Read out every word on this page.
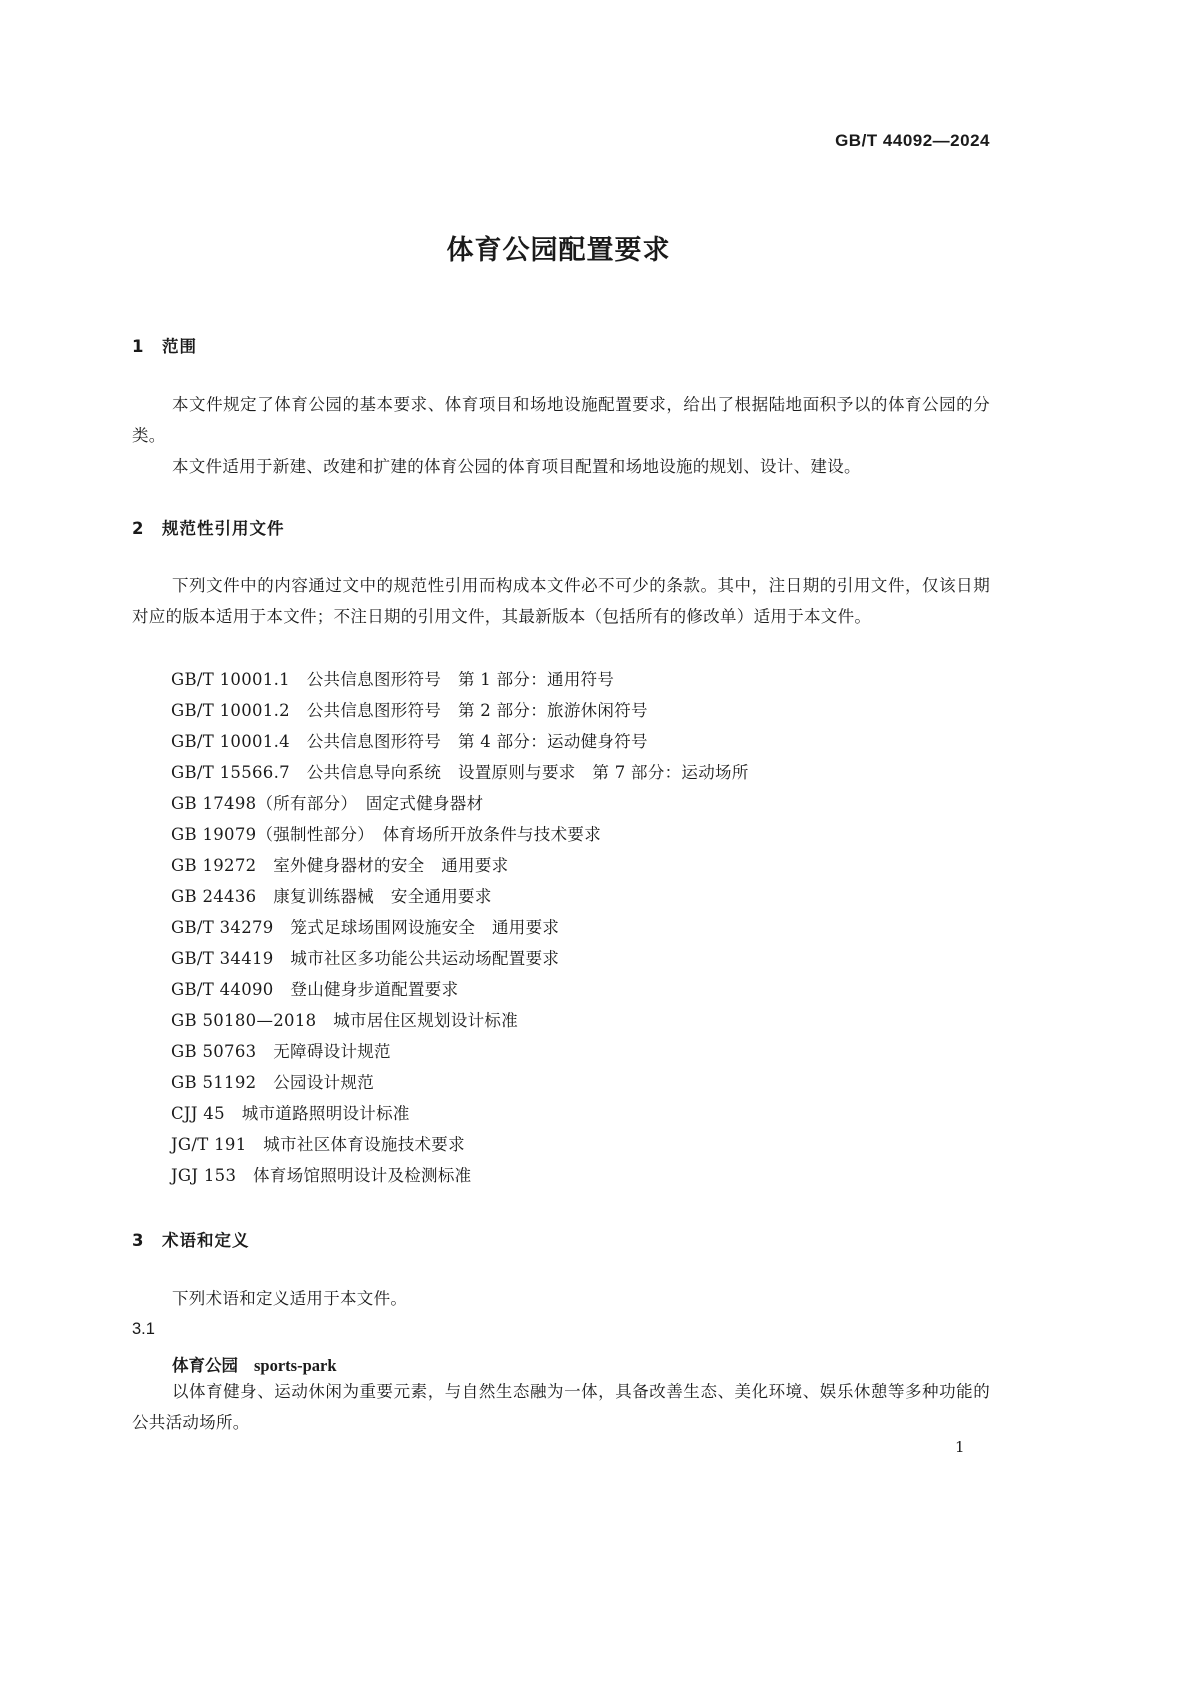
GB/T 44092—2024
体育公园配置要求
1 范围
本文件规定了体育公园的基本要求、体育项目和场地设施配置要求，给出了根据陆地面积予以的体育公园的分类。
本文件适用于新建、改建和扩建的体育公园的体育项目配置和场地设施的规划、设计、建设。
2 规范性引用文件
下列文件中的内容通过文中的规范性引用而构成本文件必不可少的条款。其中，注日期的引用文件，仅该日期对应的版本适用于本文件；不注日期的引用文件，其最新版本（包括所有的修改单）适用于本文件。
GB/T 10001.1　公共信息图形符号　第 1 部分：通用符号
GB/T 10001.2　公共信息图形符号　第 2 部分：旅游休闲符号
GB/T 10001.4　公共信息图形符号　第 4 部分：运动健身符号
GB/T 15566.7　公共信息导向系统　设置原则与要求　第 7 部分：运动场所
GB 17498（所有部分）　固定式健身器材
GB 19079（强制性部分）　体育场所开放条件与技术要求
GB 19272　室外健身器材的安全　通用要求
GB 24436　康复训练器械　安全通用要求
GB/T 34279　笼式足球场围网设施安全　通用要求
GB/T 34419　城市社区多功能公共运动场配置要求
GB/T 44090　登山健身步道配置要求
GB 50180—2018　城市居住区规划设计标准
GB 50763　无障碍设计规范
GB 51192　公园设计规范
CJJ 45　城市道路照明设计标准
JG/T 191　城市社区体育设施技术要求
JGJ 153　体育场馆照明设计及检测标准
3 术语和定义
下列术语和定义适用于本文件。
3.1
体育公园 sports-park
以体育健身、运动休闲为重要元素，与自然生态融为一体，具备改善生态、美化环境、娱乐休憩等多种功能的公共活动场所。
1
